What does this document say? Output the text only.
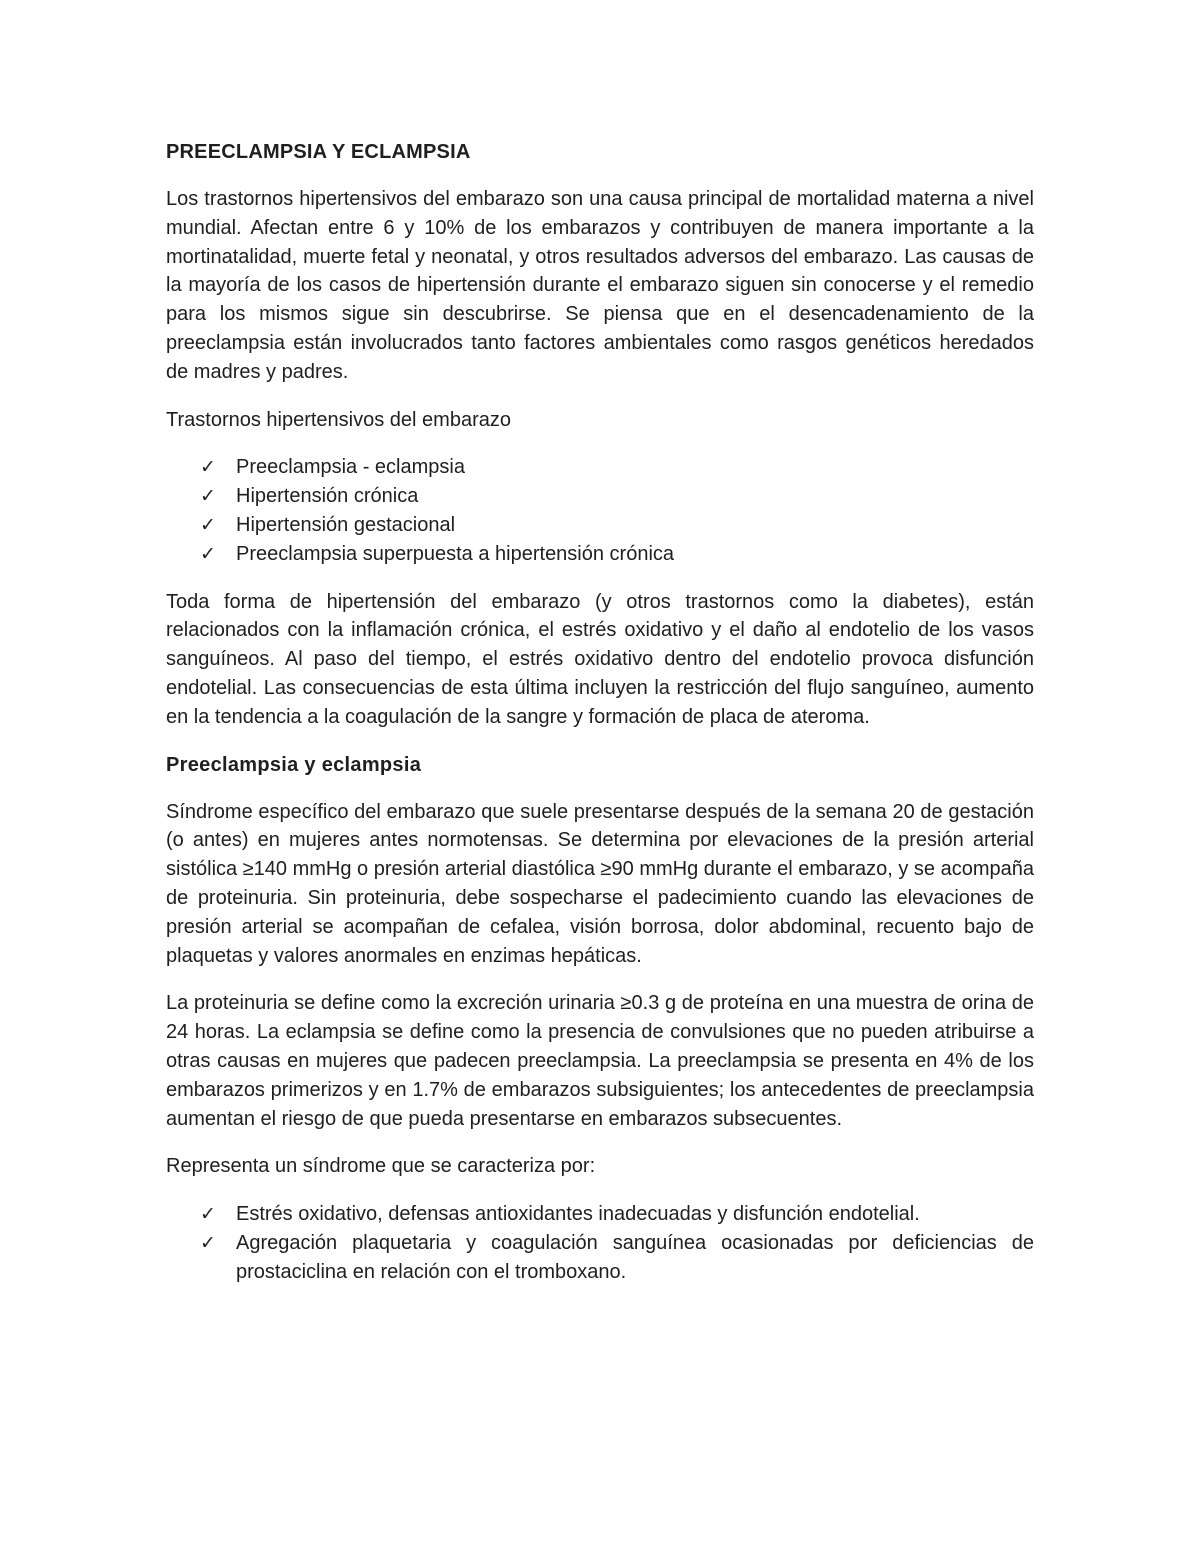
PREECLAMPSIA Y ECLAMPSIA

Los trastornos hipertensivos del embarazo son una causa principal de mortalidad materna a nivel mundial. Afectan entre 6 y 10% de los embarazos y contribuyen de manera importante a la mortinatalidad, muerte fetal y neonatal, y otros resultados adversos del embarazo. Las causas de la mayoría de los casos de hipertensión durante el embarazo siguen sin conocerse y el remedio para los mismos sigue sin descubrirse. Se piensa que en el desencadenamiento de la preeclampsia están involucrados tanto factores ambientales como rasgos genéticos heredados de madres y padres.

Trastornos hipertensivos del embarazo

✓ Preeclampsia - eclampsia
✓ Hipertensión crónica
✓ Hipertensión gestacional
✓ Preeclampsia superpuesta a hipertensión crónica

Toda forma de hipertensión del embarazo (y otros trastornos como la diabetes), están relacionados con la inflamación crónica, el estrés oxidativo y el daño al endotelio de los vasos sanguíneos. Al paso del tiempo, el estrés oxidativo dentro del endotelio provoca disfunción endotelial. Las consecuencias de esta última incluyen la restricción del flujo sanguíneo, aumento en la tendencia a la coagulación de la sangre y formación de placa de ateroma.

Preeclampsia y eclampsia

Síndrome específico del embarazo que suele presentarse después de la semana 20 de gestación (o antes) en mujeres antes normotensas. Se determina por elevaciones de la presión arterial sistólica ≥140 mmHg o presión arterial diastólica ≥90 mmHg durante el embarazo, y se acompaña de proteinuria. Sin proteinuria, debe sospecharse el padecimiento cuando las elevaciones de presión arterial se acompañan de cefalea, visión borrosa, dolor abdominal, recuento bajo de plaquetas y valores anormales en enzimas hepáticas.

La proteinuria se define como la excreción urinaria ≥0.3 g de proteína en una muestra de orina de 24 horas. La eclampsia se define como la presencia de convulsiones que no pueden atribuirse a otras causas en mujeres que padecen preeclampsia. La preeclampsia se presenta en 4% de los embarazos primerizos y en 1.7% de embarazos subsiguientes; los antecedentes de preeclampsia aumentan el riesgo de que pueda presentarse en embarazos subsecuentes.

Representa un síndrome que se caracteriza por:

✓ Estrés oxidativo, defensas antioxidantes inadecuadas y disfunción endotelial.
✓ Agregación plaquetaria y coagulación sanguínea ocasionadas por deficiencias de prostaciclina en relación con el tromboxano.
